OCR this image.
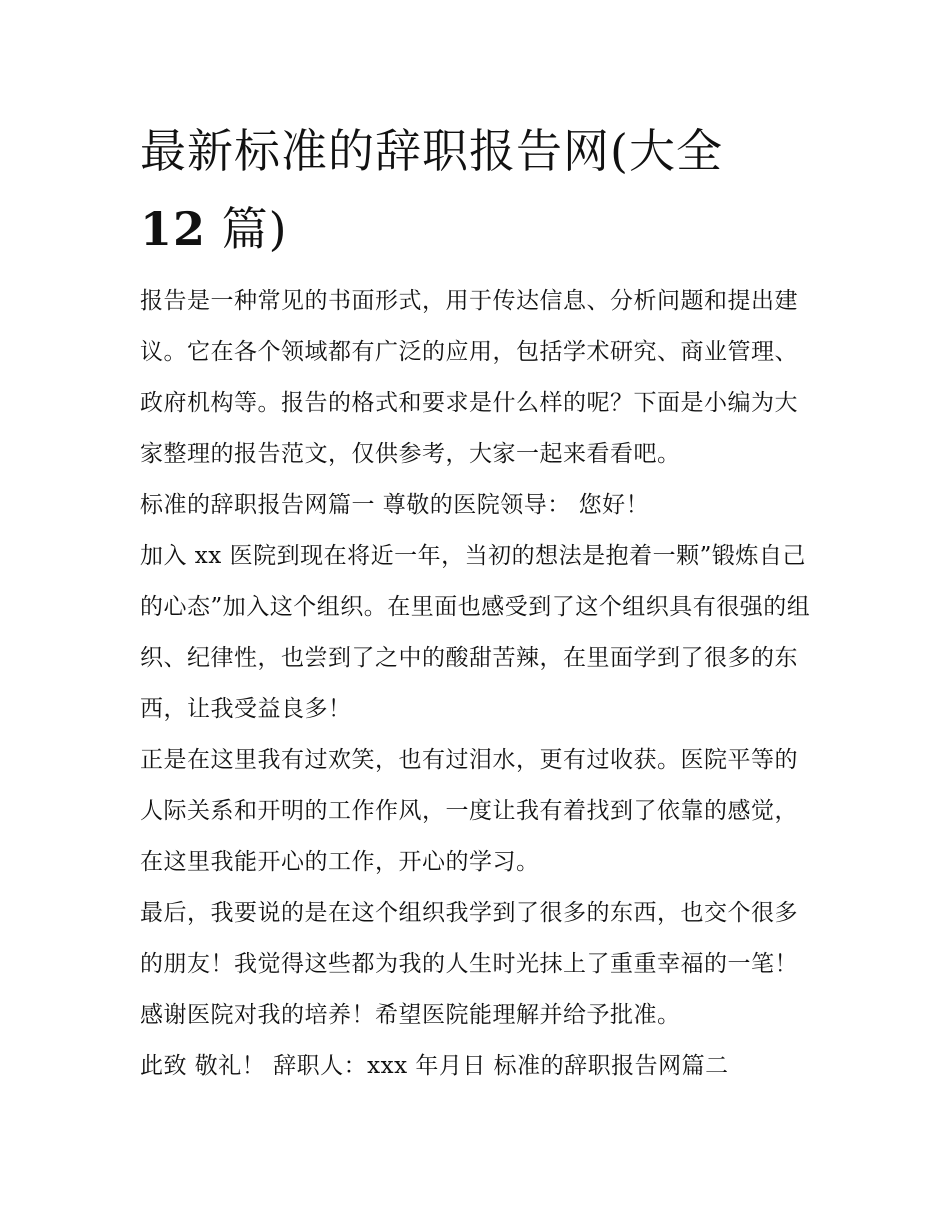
最新标准的辞职报告网(大全
12 篇)

报告是一种常见的书面形式，用于传达信息、分析问题和提出建议。它在各个领域都有广泛的应用，包括学术研究、商业管理、政府机构等。报告的格式和要求是什么样的呢？下面是小编为大家整理的报告范文，仅供参考，大家一起来看看吧。

标准的辞职报告网篇一 尊敬的医院领导： 您好！

加入 xx 医院到现在将近一年，当初的想法是抱着一颗”锻炼自己的心态”加入这个组织。在里面也感受到了这个组织具有很强的组织、纪律性，也尝到了之中的酸甜苦辣，在里面学到了很多的东西，让我受益良多！

正是在这里我有过欢笑，也有过泪水，更有过收获。医院平等的人际关系和开明的工作作风，一度让我有着找到了依靠的感觉，在这里我能开心的工作，开心的学习。

最后，我要说的是在这个组织我学到了很多的东西，也交个很多的朋友！我觉得这些都为我的人生时光抹上了重重幸福的一笔！感谢医院对我的培养！希望医院能理解并给予批准。

此致 敬礼！ 辞职人：xxx 年月日 标准的辞职报告网篇二
